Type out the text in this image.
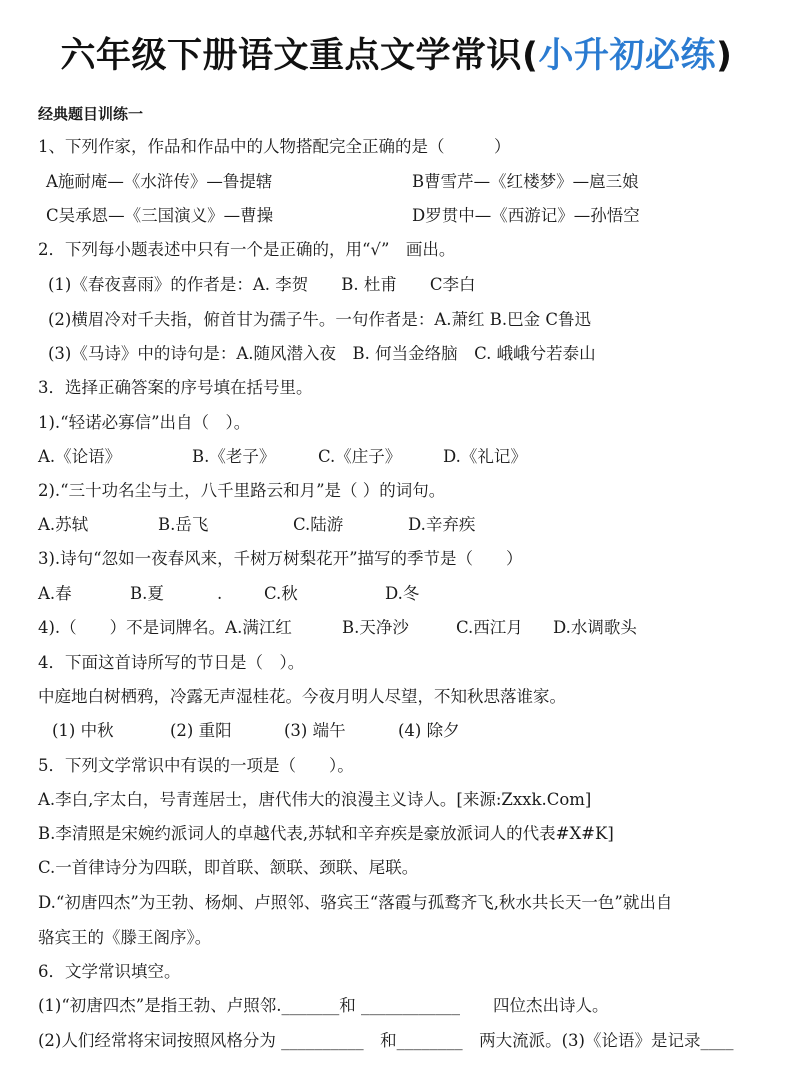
六年级下册语文重点文学常识(小升初必练)
经典题目训练一
1、下列作家，作品和作品中的人物搭配完全正确的是（　　　）
A施耐庵—《水浒传》—鲁提辖	B曹雪芹—《红楼梦》—扈三娘
C吴承恩—《三国演义》—曹操	D罗贯中—《西游记》—孙悟空
2．下列每小题表述中只有一个是正确的，用“√”　画出。
(1)《春夜喜雨》的作者是：A. 李贺　　B. 杜甫　　C李白
(2)横眉冷对千夫指，俯首甘为孺子牛。一句作者是：A.萧红 B.巴金 C鲁迅
(3)《马诗》中的诗句是：A.随风潜入夜　B. 何当金络脑　C. 峨峨兮若泰山
3．选择正确答案的序号填在括号里。
1).“轻诺必寡信”出自（　）。
A.《论语》	B.《老子》	C.《庄子》	D.《礼记》
2).“三十功名尘与土，八千里路云和月”是（ ）的词句。
A.苏轼	B.岳飞	C.陆游	D.辛弃疾
3).诗句“忽如一夜春风来，千树万树梨花开”描写的季节是（　　）
A.春	B.夏	.	C.秋	D.冬
4).（　　）不是词牌名。A.满江红	B.天净沙	C.西江月 D.水调歌头
4．下面这首诗所写的节日是（　）。
中庭地白树栖鸦，冷露无声湿桂花。今夜月明人尽望，不知秋思落谁家。
(1) 中秋	(2) 重阳	(3) 端午	(4) 除夕
5．下列文学常识中有误的一项是（　　）。
A.李白,字太白，号青莲居士，唐代伟大的浪漫主义诗人。[来源:Zxxk.Com]
B.李清照是宋婉约派词人的卓越代表,苏轼和辛弃疾是豪放派词人的代表#X#K]
C.一首律诗分为四联，即首联、颔联、颈联、尾联。
D.“初唐四杰”为王勃、杨炯、卢照邻、骆宾王“落霞与孤鹜齐飞,秋水共长天一色”就出自
骆宾王的《滕王阁序》。
6．文学常识填空。
(1)“初唐四杰”是指王勃、卢照邻._______和 ____________　　四位杰出诗人。
(2)人们经常将宋词按照风格分为 __________　和________　两大流派。(3)《论语》是记录____
